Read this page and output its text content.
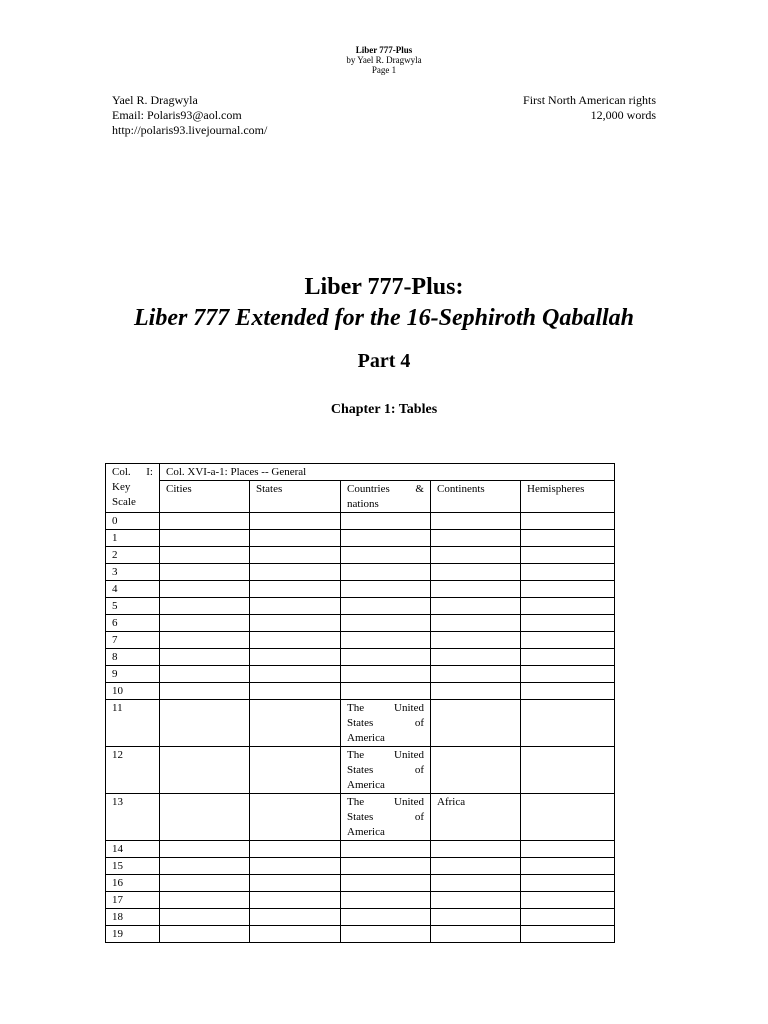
Liber 777-Plus
by Yael R. Dragwyla
Page 1
Yael R. Dragwyla
Email: Polaris93@aol.com
http://polaris93.livejournal.com/
First North American rights
12,000 words
Liber 777-Plus:
Liber 777 Extended for the 16-Sephiroth Qaballah
Part 4
Chapter 1: Tables
Col. I:
Key
Scale	Col. XVI-a-1: Places -- General				
	Cities	States	Countries & nations	Continents	Hemispheres
0					
1					
2					
3					
4					
5					
6					
7					
8					
9					
10					
11			The United States of America		
12			The United States of America		
13			The United States of America	Africa	
14					
15					
16					
17					
18					
19					
